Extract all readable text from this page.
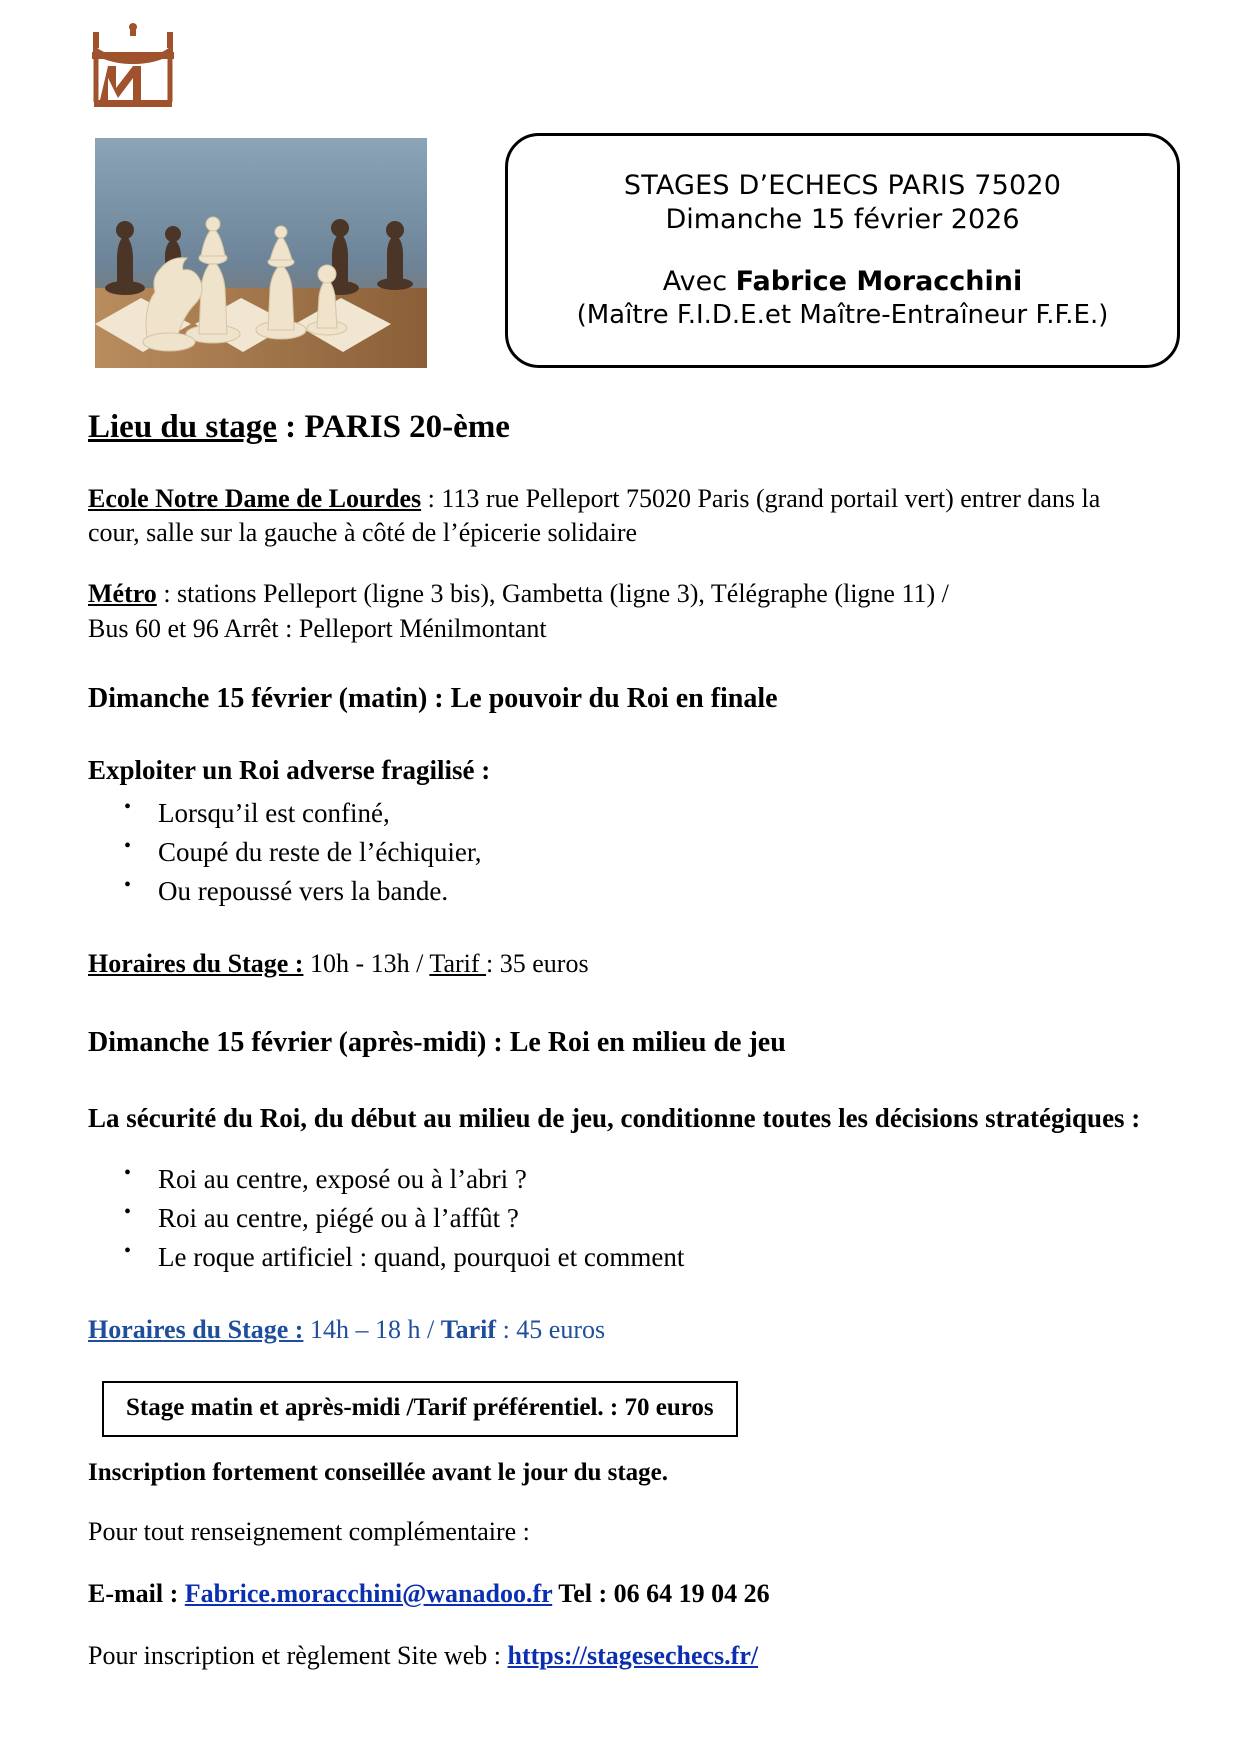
STAGES D’ECHECS PARIS 75020
Dimanche 15 février 2026
Avec Fabrice Moracchini
(Maître F.I.D.E.et Maître-Entraîneur F.F.E.)
Lieu du stage : PARIS 20-ème

Ecole Notre Dame de Lourdes : 113 rue Pelleport 75020 Paris (grand portail vert) entrer dans la cour, salle sur la gauche à côté de l’épicerie solidaire

Métro : stations Pelleport (ligne 3 bis), Gambetta (ligne 3), Télégraphe (ligne 11) /
Bus 60 et 96 Arrêt : Pelleport Ménilmontant

Dimanche 15 février (matin) : Le pouvoir du Roi en finale
Exploiter un Roi adverse fragilisé :
• Lorsqu’il est confiné,
• Coupé du reste de l’échiquier,
• Ou repoussé vers la bande.

Horaires du Stage : 10h - 13h / Tarif : 35 euros

Dimanche 15 février (après-midi) : Le Roi en milieu de jeu
La sécurité du Roi, du début au milieu de jeu, conditionne toutes les décisions stratégiques :
• Roi au centre, exposé ou à l’abri ?
• Roi au centre, piégé ou à l’affût ?
• Le roque artificiel : quand, pourquoi et comment

Horaires du Stage : 14h – 18 h / Tarif : 45 euros

Stage matin et après-midi /Tarif préférentiel. : 70 euros

Inscription fortement conseillée avant le jour du stage.

Pour tout renseignement complémentaire :

E-mail : Fabrice.moracchini@wanadoo.fr Tel : 06 64 19 04 26

Pour inscription et règlement Site web : https://stagesechecs.fr/
